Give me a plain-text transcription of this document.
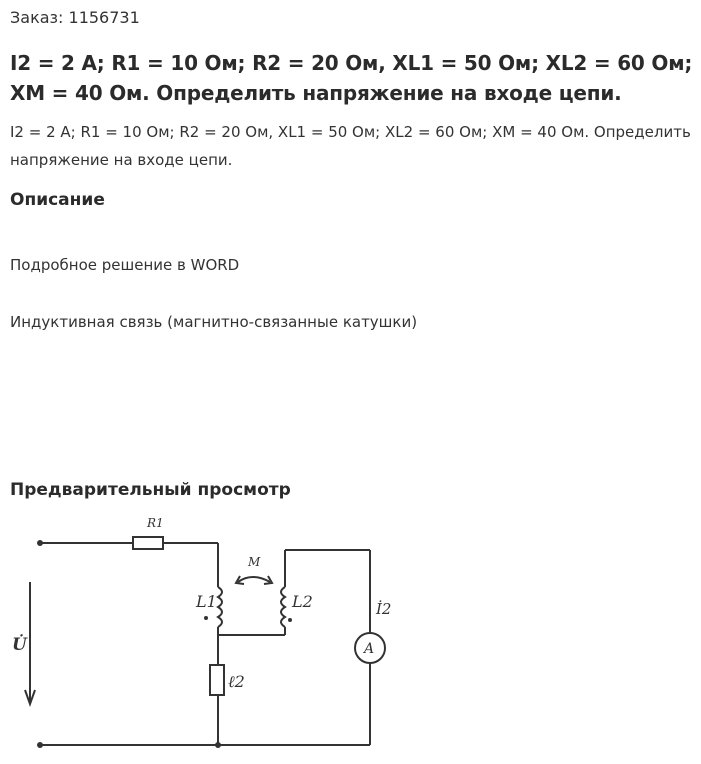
Заказ: 1156731
I2 = 2 А; R1 = 10 Ом; R2 = 20 Ом, XL1 = 50 Ом; XL2 = 60 Ом; XM = 40 Ом. Определить напряжение на входе цепи.
I2 = 2 А; R1 = 10 Ом; R2 = 20 Ом, XL1 = 50 Ом; XL2 = 60 Ом; XM = 40 Ом. Определить напряжение на входе цепи.
Описание
Подробное решение в WORD
Индуктивная связь (магнитно-связанные катушки)
Предварительный просмотр
R1
L1	L2
M
İ2
U̇
ℓ2
A
